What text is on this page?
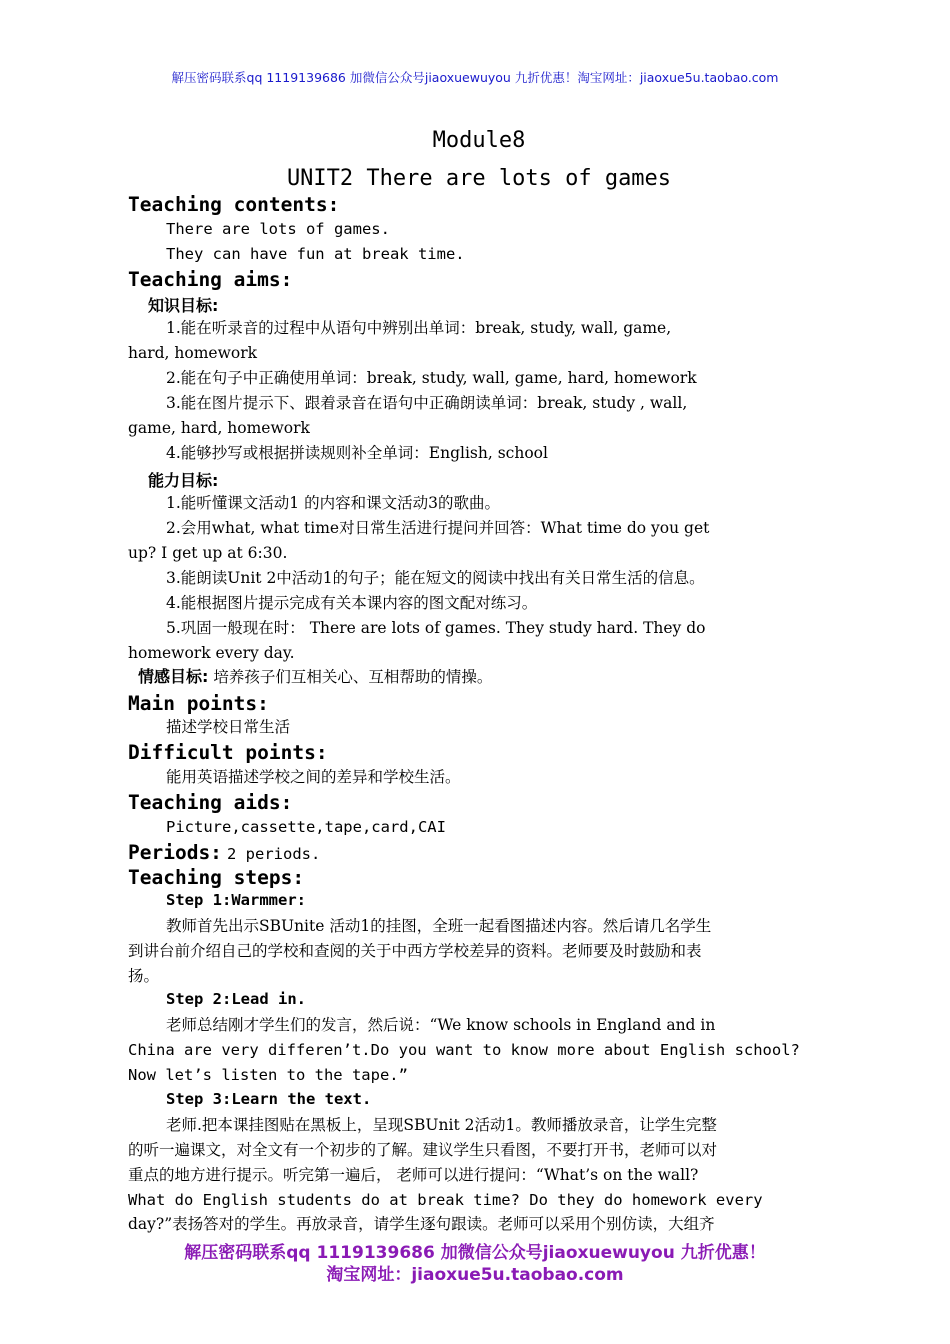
解压密码联系qq 1119139686 加微信公众号jiaoxuewuyou 九折优惠！淘宝网址：jiaoxue5u.taobao.com
Module8
UNIT2 There are lots of games
Teaching contents:
There are lots of games.
They can have fun at break time.
Teaching aims:
知识目标:
1.能在听录音的过程中从语句中辨别出单词：break, study, wall, game,
hard, homework
2.能在句子中正确使用单词：break, study, wall, game, hard, homework
3.能在图片提示下、跟着录音在语句中正确朗读单词：break, study , wall,
game, hard, homework
4.能够抄写或根据拼读规则补全单词：English, school
能力目标:
1.能听懂课文活动1 的内容和课文活动3的歌曲。
2.会用what, what time对日常生活进行提问并回答：What time do you get
up? I get up at 6:30.
3.能朗读Unit 2中活动1的句子；能在短文的阅读中找出有关日常生活的信息。
4.能根据图片提示完成有关本课内容的图文配对练习。
5.巩固一般现在时： There are lots of games. They study hard. They do
homework every day.
情感目标: 培养孩子们互相关心、互相帮助的情操。
Main points:
描述学校日常生活
Difficult points:
能用英语描述学校之间的差异和学校生活。
Teaching aids:
Picture,cassette,tape,card,CAI
Periods: 2 periods.
Teaching steps:
Step 1:Warmmer:
教师首先出示SBUnite 活动1的挂图，全班一起看图描述内容。然后请几名学生
到讲台前介绍自己的学校和查阅的关于中西方学校差异的资料。老师要及时鼓励和表
扬。
Step 2:Lead in.
老师总结刚才学生们的发言，然后说：“We know schools in England and in
China are very differen’t.Do you want to know more about English school?
Now let’s listen to the tape.”
Step 3:Learn the text.
老师.把本课挂图贴在黑板上，呈现SBUnit 2活动1。教师播放录音，让学生完整
的听一遍课文，对全文有一个初步的了解。建议学生只看图，不要打开书，老师可以对
重点的地方进行提示。听完第一遍后， 老师可以进行提问：“What’s on the wall?
What do English students do at break time? Do they do homework every
day?”表扬答对的学生。再放录音，请学生逐句跟读。老师可以采用个别仿读，大组齐
解压密码联系qq 1119139686 加微信公众号jiaoxuewuyou 九折优惠！
淘宝网址：jiaoxue5u.taobao.com
